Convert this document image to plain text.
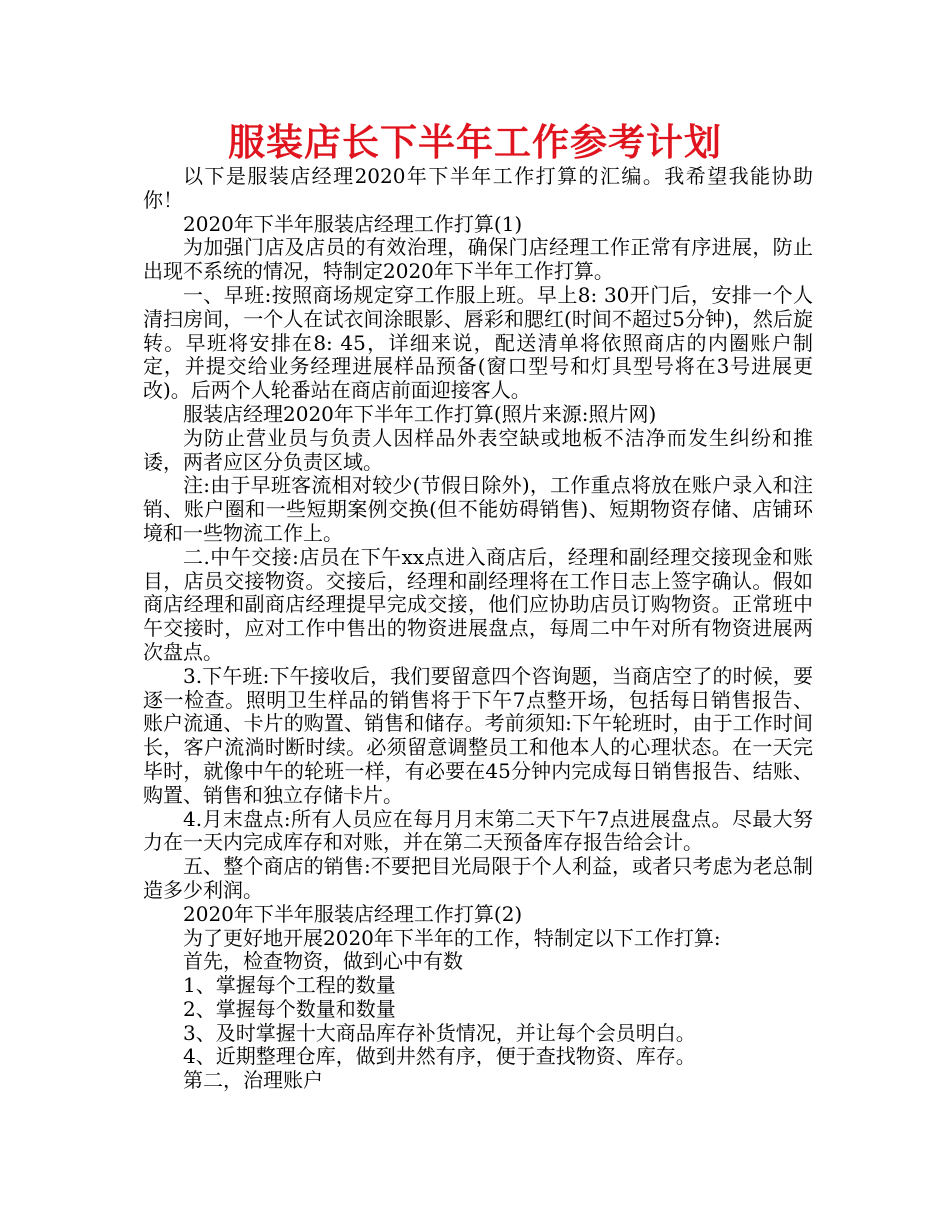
服装店长下半年工作参考计划

以下是服装店经理2020年下半年工作打算的汇编。我希望我能协助你！

2020年下半年服装店经理工作打算(1)

为加强门店及店员的有效治理，确保门店经理工作正常有序进展，防止出现不系统的情况，特制定2020年下半年工作打算。

一、早班:按照商场规定穿工作服上班。早上8: 30开门后，安排一个人清扫房间，一个人在试衣间涂眼影、唇彩和腮红(时间不超过5分钟)，然后旋转。早班将安排在8: 45，详细来说，配送清单将依照商店的内圈账户制定，并提交给业务经理进展样品预备(窗口型号和灯具型号将在3号进展更改)。后两个人轮番站在商店前面迎接客人。

服装店经理2020年下半年工作打算(照片来源:照片网)

为防止营业员与负责人因样品外表空缺或地板不洁净而发生纠纷和推诿，两者应区分负责区域。

注:由于早班客流相对较少(节假日除外)，工作重点将放在账户录入和注销、账户圈和一些短期案例交换(但不能妨碍销售)、短期物资存储、店铺环境和一些物流工作上。

二.中午交接:店员在下午xx点进入商店后，经理和副经理交接现金和账目，店员交接物资。交接后，经理和副经理将在工作日志上签字确认。假如商店经理和副商店经理提早完成交接，他们应协助店员订购物资。正常班中午交接时，应对工作中售出的物资进展盘点，每周二中午对所有物资进展两次盘点。

3.下午班:下午接收后，我们要留意四个咨询题，当商店空了的时候，要逐一检查。照明卫生样品的销售将于下午7点整开场，包括每日销售报告、账户流通、卡片的购置、销售和储存。考前须知:下午轮班时，由于工作时间长，客户流淌时断时续。必须留意调整员工和他本人的心理状态。在一天完毕时，就像中午的轮班一样，有必要在45分钟内完成每日销售报告、结账、购置、销售和独立存储卡片。

4.月末盘点:所有人员应在每月月末第二天下午7点进展盘点。尽最大努力在一天内完成库存和对账，并在第二天预备库存报告给会计。

五、整个商店的销售:不要把目光局限于个人利益，或者只考虑为老总制造多少利润。

2020年下半年服装店经理工作打算(2)

为了更好地开展2020年下半年的工作，特制定以下工作打算:

首先，检查物资，做到心中有数

1、掌握每个工程的数量

2、掌握每个数量和数量

3、及时掌握十大商品库存补货情况，并让每个会员明白。

4、近期整理仓库，做到井然有序，便于查找物资、库存。

第二，治理账户
